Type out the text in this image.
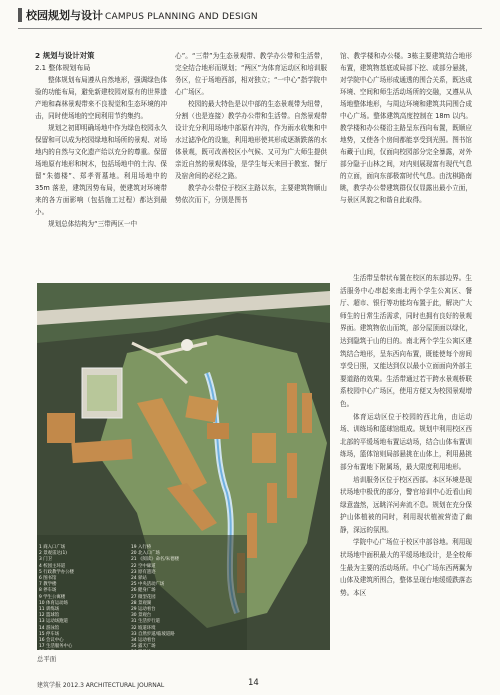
校园规划与设计 CAMPUS PLANNING AND DESIGN
2 规划与设计对策
2.1 整体规划布局

整体规划布局遵从自然地形，强调绿色体验的功能布局，避免新建校园对原有的世界遗产地和森林景观带来不良视觉和生态环境的冲击，同时使场地的空间利用节约集约。

规划之初即明确场地中作为绿色校园永久保留和可以成为校园绿地和场所的景观、对场地内的自然与文化遗产给以充分的尊重。保留场地原有地形和树木，包括场地中的土沟、保留“朱德楼”、郑孝胥墓地。利用场地中的 35m 落差，建筑因势布局，使建筑对环境带来的各方面影响（包括施工过程）都达到最小。

规划总体结构为“三带两区一中

心”。“三带”为生态景观带、教学办公带和生活带，完全结合地形而规划；“两区”为体育运动区和培训服务区，位于场地西部，相对独立；“一中心”指学院中心广场区。

校园的最大特色是以中部的生态景观带为纽带，分割（也是连接）教学办公带和生活带。自然景观带设计充分利用场地中部原有冲沟，作为雨水收集和中水过滤净化的设施，利用地形使其形成逐渐跌落的水体景观，既可改善校区小气候、又可为广大师生提供亲近自然的景观体验，是学生每天来回于教室、餐厅及宿舍间的必经之路。

教学办公带位于校区主路以东，主要建筑物顺山势依次而下，分别是图书

馆、教学楼和办公楼。3栋主要建筑结合地形布置，建筑物基底或局部下挖、或部分悬挑，对学院中心广场形成通透的围合关系，既达成环境、空间和师生活动场所的交融，又遵从从场地整体地形，与周边环境和建筑共同围合成中心广场。整体建筑高度控制在 18m 以内。教学楼和办公楼沿主路呈东西向布置，既顺应地势，又使各个房间都能享受到光照。图书馆布藏于山间，仅面向校园部分完全暴露，对外部分隐于山林之间，对内则展现富有现代气息的立面，面向东部极富时代气息。由沈棋路南眺，教学办公带建筑群仅仅显露出最小立面，与景区风貌之和谐自此取得。

生活带呈带状布置在校区的东部边界。生活服务中心串起来南北两个学生公寓区、餐厅、超市、银行等功能均布置于此，解决广大师生的日常生活需求，同时也拥有良好的景观界面。建筑物依山而筑，部分屋顶面以绿化，达到隐筑于山的目的。南北两个学生公寓区建筑结合地形，呈东西向布置，既能使每个房间享受日照，又能达到仅以最小立面面向外部主要道路的效果。生活带通过若干跨水景观桥联系校园中心广场区，使用方便又为校园景观增色。

体育运动区位于校园的西北角，由运动场、训练场和篮球馆组成。规划中利用校区西北部的平缓场地布置运动场，结合山体布置训练场，篮体馆则局部悬挑在山体上，利用悬挑部分布置地下附属场，最大限度利用地形。

培训服务区位于校区西部。本区环境是现状场地中极优的部分，警官培训中心近看山间绿意盎然，远眺洋河奔流不息。规划在充分保护山体植被的同时，利用现状植被营造了幽静，深远的氛围。

学院中心广场位于校区中部谷地。利用现状场地中面积最大的平缓场地设计，是全校师生最为主要的活动场所。中心广场东西两翼为山体及建筑所围合，整体呈现台地缓缓跌落态势。本区

1 商入口广场
2 景观雷达(1)
3 门卫
4 校园主环道
5 行政教学办公楼
6 图书馆
7 教学楼
8 停车场
9 学生公寓楼
10 体育运动场
11 训练场
12 篮球馆
13 运动场跑道
14 游泳馆
15 停车场
16 会议中心
17 生活服务中心
19 入行桥
20 北入口广场
21 《阅读》命名/朱德楼
22 空中廊道
23 原有遗迹
24 驿站
25 中央活动广场
26 健身广场
27 微型花园
28 景观湖
29 运动看台
30 景观台
31 生活步行道
32 坡道环境
33 自然步道/临坡道路
34 运动看台
35 露天广场
总平面
建筑学报 2012.3 ARCHITECTURAL JOURNAL	14
